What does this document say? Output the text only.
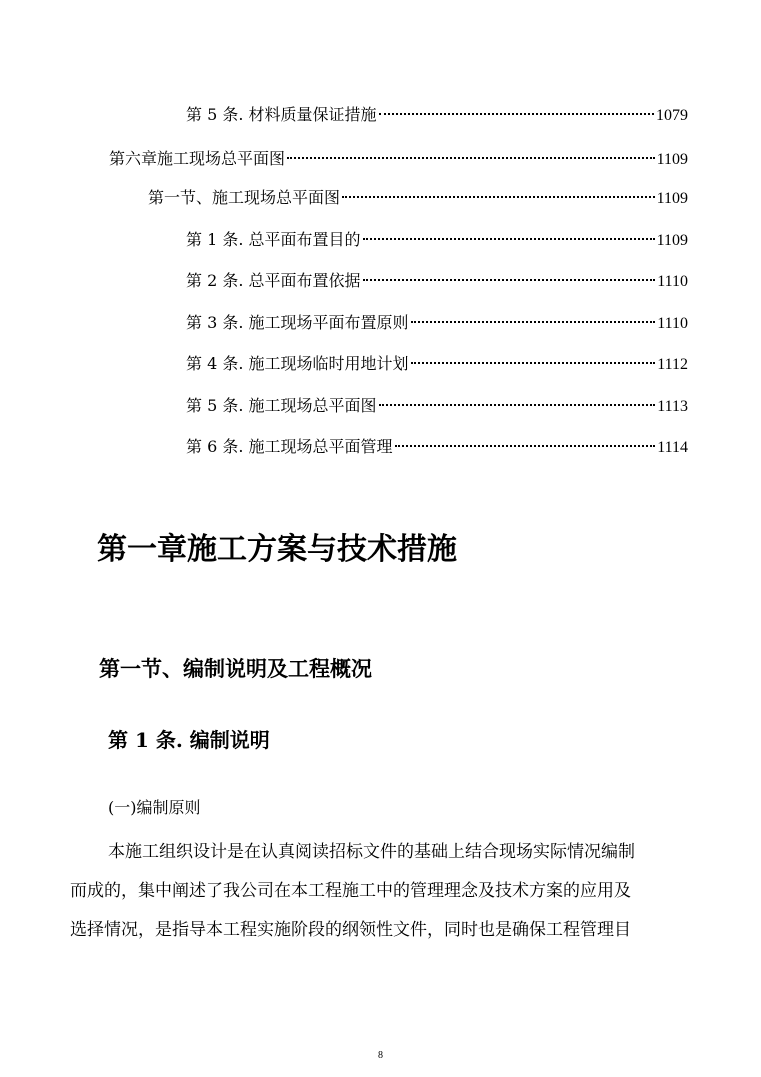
第 5 条. 材料质量保证措施	1079
第六章施工现场总平面图	1109
第一节、施工现场总平面图	1109
第 1 条. 总平面布置目的	1109
第 2 条. 总平面布置依据	1110
第 3 条. 施工现场平面布置原则	1110
第 4 条. 施工现场临时用地计划	1112
第 5 条. 施工现场总平面图	1113
第 6 条. 施工现场总平面管理	1114
第一章施工方案与技术措施
第一节、编制说明及工程概况
第 1 条. 编制说明
(一)编制原则
本施工组织设计是在认真阅读招标文件的基础上结合现场实际情况编制
而成的，集中阐述了我公司在本工程施工中的管理理念及技术方案的应用及
选择情况，是指导本工程实施阶段的纲领性文件，同时也是确保工程管理目
8
